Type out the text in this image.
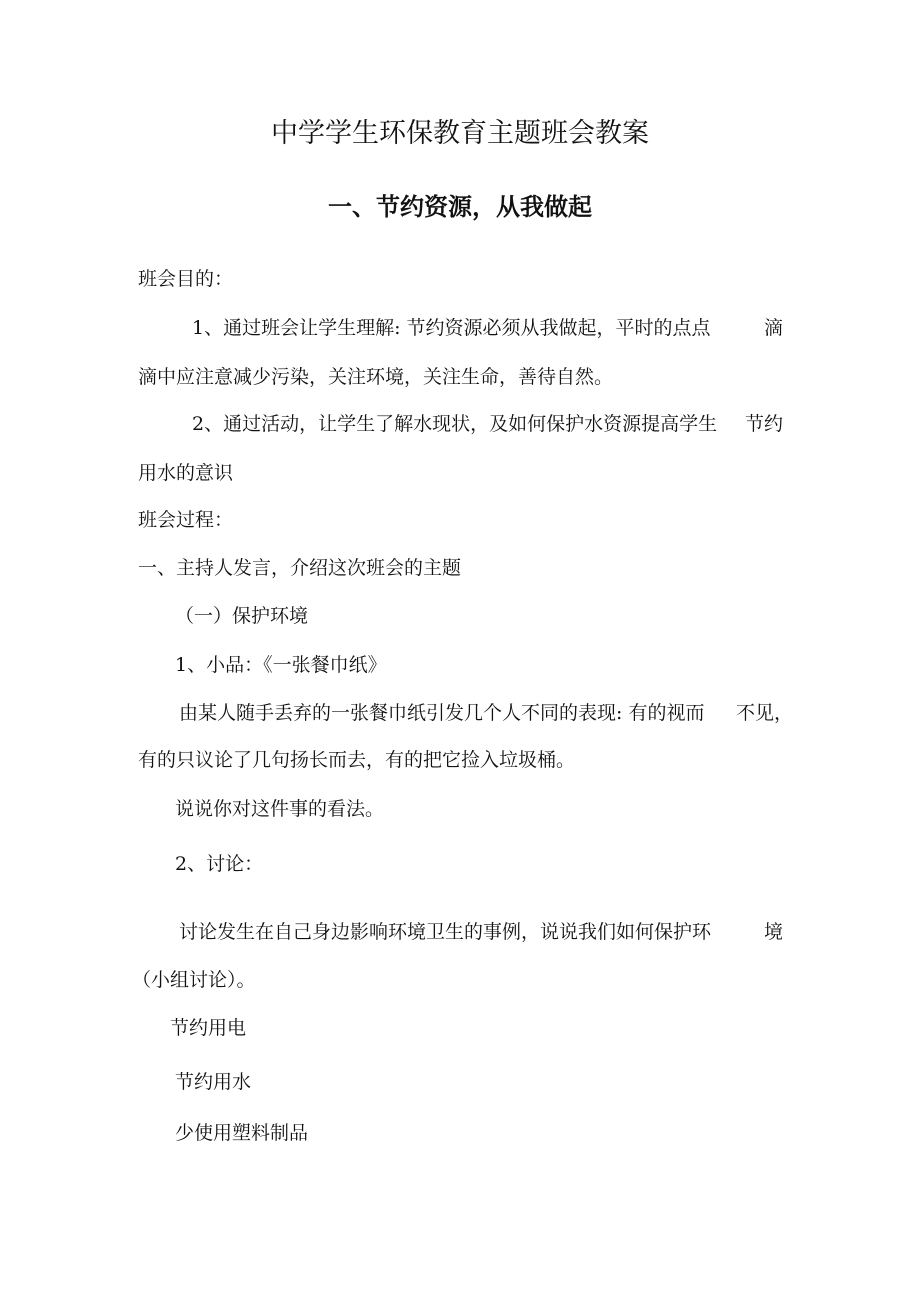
中学学生环保教育主题班会教案
一、节约资源，从我做起
班会目的：
1、通过班会让学生理解: 节约资源必须从我做起，平时的点点	滴
滴中应注意减少污染，关注环境，关注生命，善待自然。
2、通过活动，让学生了解水现状，及如何保护水资源提高学生 节约
用水的意识
班会过程：
一、主持人发言，介绍这次班会的主题
（一）保护环境
1、小品：《一张餐巾纸》
由某人随手丢弃的一张餐巾纸引发几个人不同的表现: 有的视而 不见，
有的只议论了几句扬长而去，有的把它捡入垃圾桶。
说说你对这件事的看法。
2、讨论：
讨论发生在自己身边影响环境卫生的事例，说说我们如何保护环	境
（小组讨论）。
节约用电
节约用水
少使用塑料制品
